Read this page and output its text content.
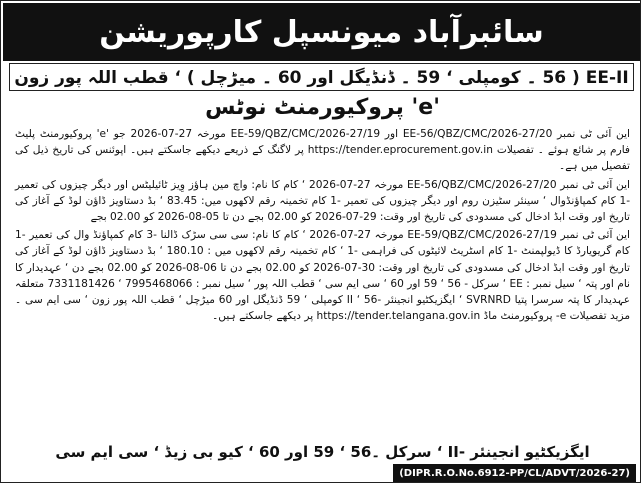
سائبرآباد میونسپل کارپوریشن
EE-II ( 56 ۔ کومپلی ‘ 59 ۔ ڈنڈیگل اور 60 ۔ میڑچل ) ‘ قطب اللہ پور زون
'e' پروکیورمنٹ نوٹس

این آئی ٹی نمبر 20/EE-56/QBZ/CMC/2026-27 اور 19/EE-59/QBZ/CMC/2026-27 مورخہ 27-07-2026 جو 'e' پروکیورمنٹ پلیٹ فارم پر شائع ہوئے ۔ تفصیلات https://tender.eprocurement.gov.in پر لاگنگ کے ذریعے دیکھے جاسکتے ہیں۔ اپوئنس کی تاریخ ذیل کی تفصیل میں ہے۔

این آئی ٹی نمبر 20/EE-56/QBZ/CMC/2026-27 مورخہ 27-07-2026 ‘ کام کا نام: واچ مین ہاؤز وِیز ٹائیلیٹس اور دیگر چیزوں کی تعمیر -1 کام کمپاؤنڈوال ‘ سینئر سٹیزن روم اور دیگر چیزوں کی تعمیر -1 کام تخمینہ رقم لاکھوں میں: 83.45 ‘ بڈ دستاویز ڈاؤن لوڈ کے آغاز کی تاریخ اور وقت ابڈ ادخال کی مسدودی کی تاریخ اور وقت: 29-07-2026 کو 02.00 بجے دن تا 05-08-2026 کو 02.00 بجے

این آئی ٹی نمبر 19/EE-59/QBZ/CMC/2026-27 مورخہ 27-07-2026 ‘ کام کا نام: سی سی سڑک ڈالنا -3 کام کمپاؤنڈ وال کی تعمیر -1 کام گریویارڈ کا ڈیولپمنٹ -1 کام اسٹریٹ لائیٹوں کی فراہمی -1 ‘ کام تخمینہ رقم لاکھوں میں : 180.10 ‘ بڈ دستاویز ڈاؤن لوڈ کے آغاز کی تاریخ اور وقت ابڈ ادخال کی مسدودی کی تاریخ اور وقت: 30-07-2026 کو 02.00 بجے دن تا 06-08-2026 کو 02.00 بجے دن ‘ عہدیدار کا نام اور پتہ ‘ سیل نمبر : EE ‘ سرکل - 56 ‘ 59 اور 60 ‘ سی ایم سی ‘ قطب اللہ پور ‘ سیل نمبر : 7995468066 ‘ 7331181426 متعلقہ عہدیدار کا پتہ سرسرا پتیا SVRNRD ‘ ایگزیکٹیو انجینئر -II ‘ 56 کومپلی ‘ 59 ڈنڈیگل اور 60 میڑچل ‘ قطب اللہ پور زون ‘ سی ایم سی ۔ مزید تفصیلات e- پروکیورمنٹ ماڈ https://tender.telangana.gov.in پر دیکھے جاسکتے ہیں۔

ایگزیکٹیو انجینئر -II ‘ سرکل ۔56 ‘ 59 اور 60 ‘ کیو بی زیڈ ‘ سی ایم سی
(DIPR.R.O.No.6912-PP/CL/ADVT/2026-27)
